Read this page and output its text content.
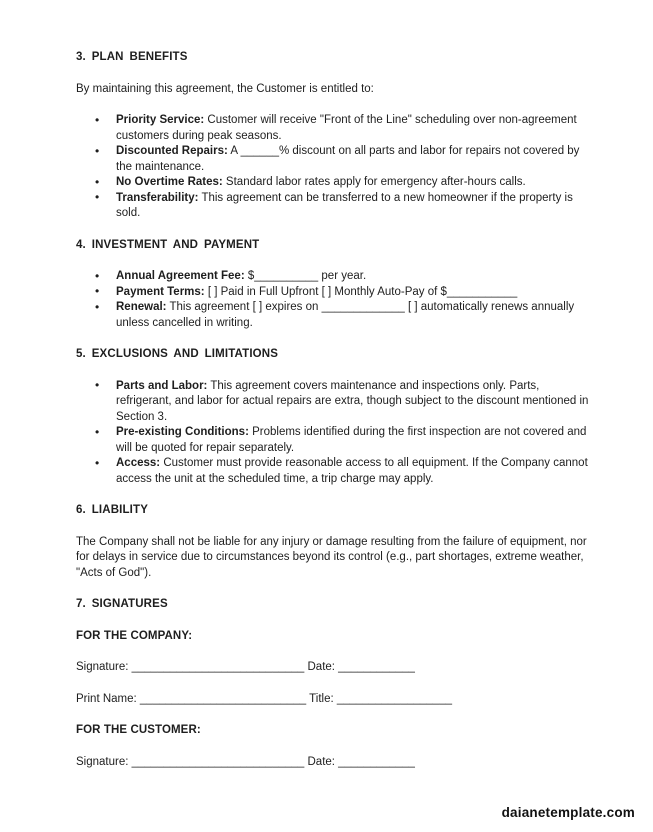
3. PLAN BENEFITS

By maintaining this agreement, the Customer is entitled to:

• Priority Service: Customer will receive "Front of the Line" scheduling over non-agreement customers during peak seasons.
• Discounted Repairs: A ______% discount on all parts and labor for repairs not covered by the maintenance.
• No Overtime Rates: Standard labor rates apply for emergency after-hours calls.
• Transferability: This agreement can be transferred to a new homeowner if the property is sold.
4. INVESTMENT AND PAYMENT
• Annual Agreement Fee: $__________ per year.
• Payment Terms: [ ] Paid in Full Upfront [ ] Monthly Auto-Pay of $___________
• Renewal: This agreement [ ] expires on _____________ [ ] automatically renews annually unless cancelled in writing.
5. EXCLUSIONS AND LIMITATIONS
• Parts and Labor: This agreement covers maintenance and inspections only. Parts, refrigerant, and labor for actual repairs are extra, though subject to the discount mentioned in Section 3.
• Pre-existing Conditions: Problems identified during the first inspection are not covered and will be quoted for repair separately.
• Access: Customer must provide reasonable access to all equipment. If the Company cannot access the unit at the scheduled time, a trip charge may apply.
6. LIABILITY

The Company shall not be liable for any injury or damage resulting from the failure of equipment, nor for delays in service due to circumstances beyond its control (e.g., part shortages, extreme weather, "Acts of God").

7. SIGNATURES

FOR THE COMPANY:

Signature: ___________________________ Date: ____________

Print Name: __________________________ Title: __________________

FOR THE CUSTOMER:

Signature: ___________________________ Date: ____________

daianetemplate.com
